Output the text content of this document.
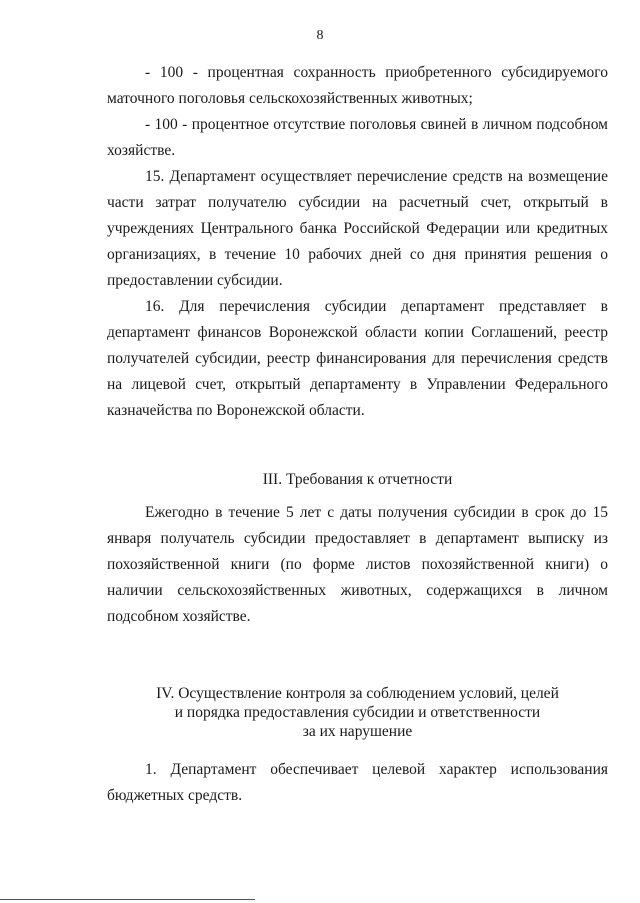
8

- 100 - процентная сохранность приобретенного субсидируемого маточного поголовья сельскохозяйственных животных;

- 100 - процентное отсутствие поголовья свиней в личном подсобном хозяйстве.

15. Департамент осуществляет перечисление средств на возмещение части затрат получателю субсидии на расчетный счет, открытый в учреждениях Центрального банка Российской Федерации или кредитных организациях, в течение 10 рабочих дней со дня принятия решения о предоставлении субсидии.

16. Для перечисления субсидии департамент представляет в департамент финансов Воронежской области копии Соглашений, реестр получателей субсидии, реестр финансирования для перечисления средств на лицевой счет, открытый департаменту в Управлении Федерального казначейства по Воронежской области.

III. Требования к отчетности

Ежегодно в течение 5 лет с даты получения субсидии в срок до 15 января получатель субсидии предоставляет в департамент выписку из похозяйственной книги (по форме листов похозяйственной книги) о наличии сельскохозяйственных животных, содержащихся в личном подсобном хозяйстве.

IV. Осуществление контроля за соблюдением условий, целей
и порядка предоставления субсидии и ответственности
за их нарушение

1. Департамент обеспечивает целевой характер использования бюджетных средств.
